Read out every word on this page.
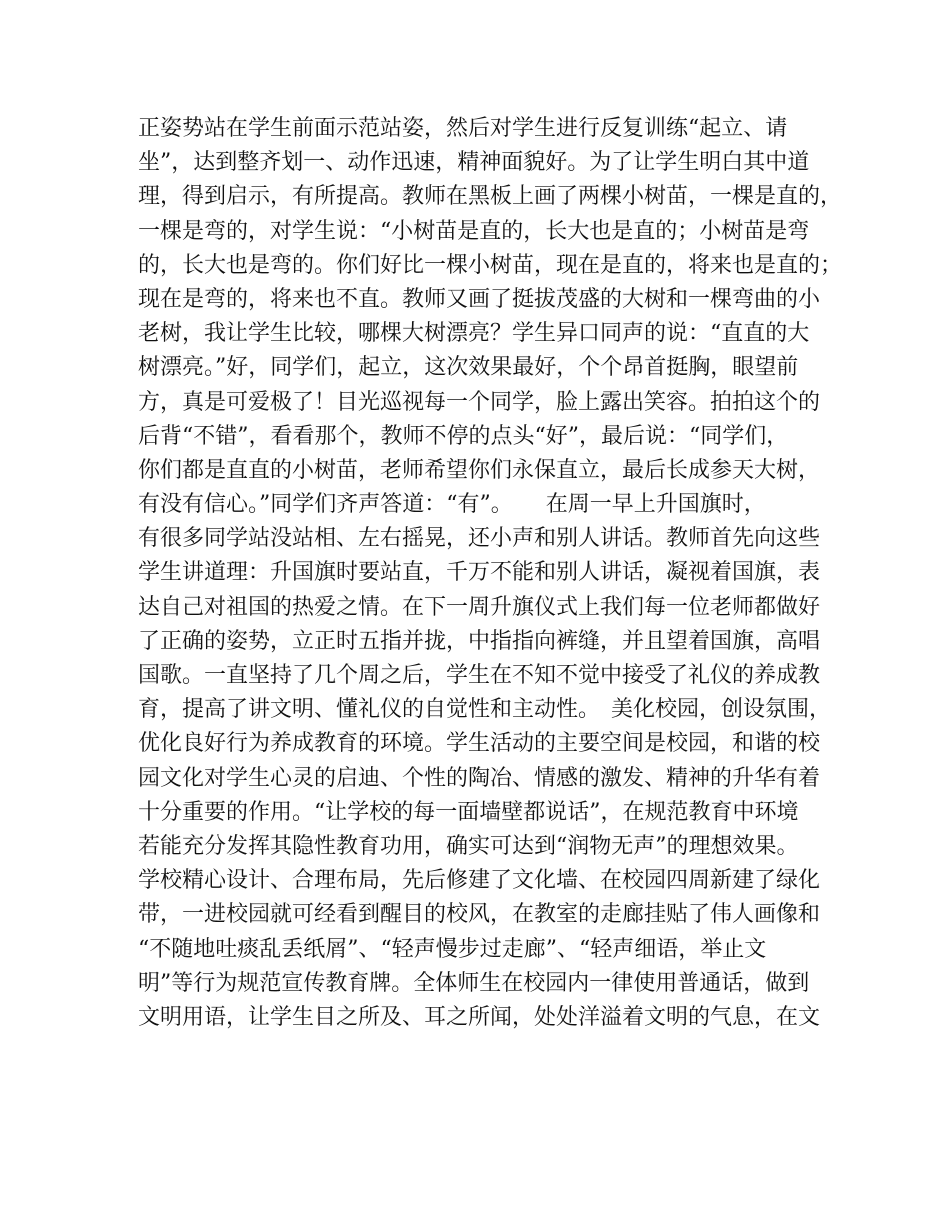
正姿势站在学生前面示范站姿，然后对学生进行反复训练“起立、请
坐”，达到整齐划一、动作迅速，精神面貌好。为了让学生明白其中道
理，得到启示，有所提高。教师在黑板上画了两棵小树苗，一棵是直的，
一棵是弯的，对学生说：“小树苗是直的，长大也是直的；小树苗是弯
的，长大也是弯的。你们好比一棵小树苗，现在是直的，将来也是直的；
现在是弯的，将来也不直。教师又画了挺拔茂盛的大树和一棵弯曲的小
老树，我让学生比较，哪棵大树漂亮？学生异口同声的说：“直直的大
树漂亮。”好，同学们，起立，这次效果最好，个个昂首挺胸，眼望前
方，真是可爱极了！目光巡视每一个同学，脸上露出笑容。拍拍这个的
后背“不错”，看看那个，教师不停的点头“好”，最后说：“同学们，
你们都是直直的小树苗，老师希望你们永保直立，最后长成参天大树，
有没有信心。”同学们齐声答道：“有”。　　在周一早上升国旗时，
有很多同学站没站相、左右摇晃，还小声和别人讲话。教师首先向这些
学生讲道理：升国旗时要站直，千万不能和别人讲话，凝视着国旗，表
达自己对祖国的热爱之情。在下一周升旗仪式上我们每一位老师都做好
了正确的姿势，立正时五指并拢，中指指向裤缝，并且望着国旗，高唱
国歌。一直坚持了几个周之后，学生在不知不觉中接受了礼仪的养成教
育，提高了讲文明、懂礼仪的自觉性和主动性。　美化校园，创设氛围，
优化良好行为养成教育的环境。学生活动的主要空间是校园，和谐的校
园文化对学生心灵的启迪、个性的陶冶、情感的激发、精神的升华有着
十分重要的作用。“让学校的每一面墙壁都说话”，在规范教育中环境
若能充分发挥其隐性教育功用，确实可达到“润物无声”的理想效果。
学校精心设计、合理布局，先后修建了文化墙、在校园四周新建了绿化
带，一进校园就可经看到醒目的校风，在教室的走廊挂贴了伟人画像和
“不随地吐痰乱丢纸屑”、“轻声慢步过走廊”、“轻声细语，举止文
明”等行为规范宣传教育牌。全体师生在校园内一律使用普通话，做到
文明用语，让学生目之所及、耳之所闻，处处洋溢着文明的气息，在文
